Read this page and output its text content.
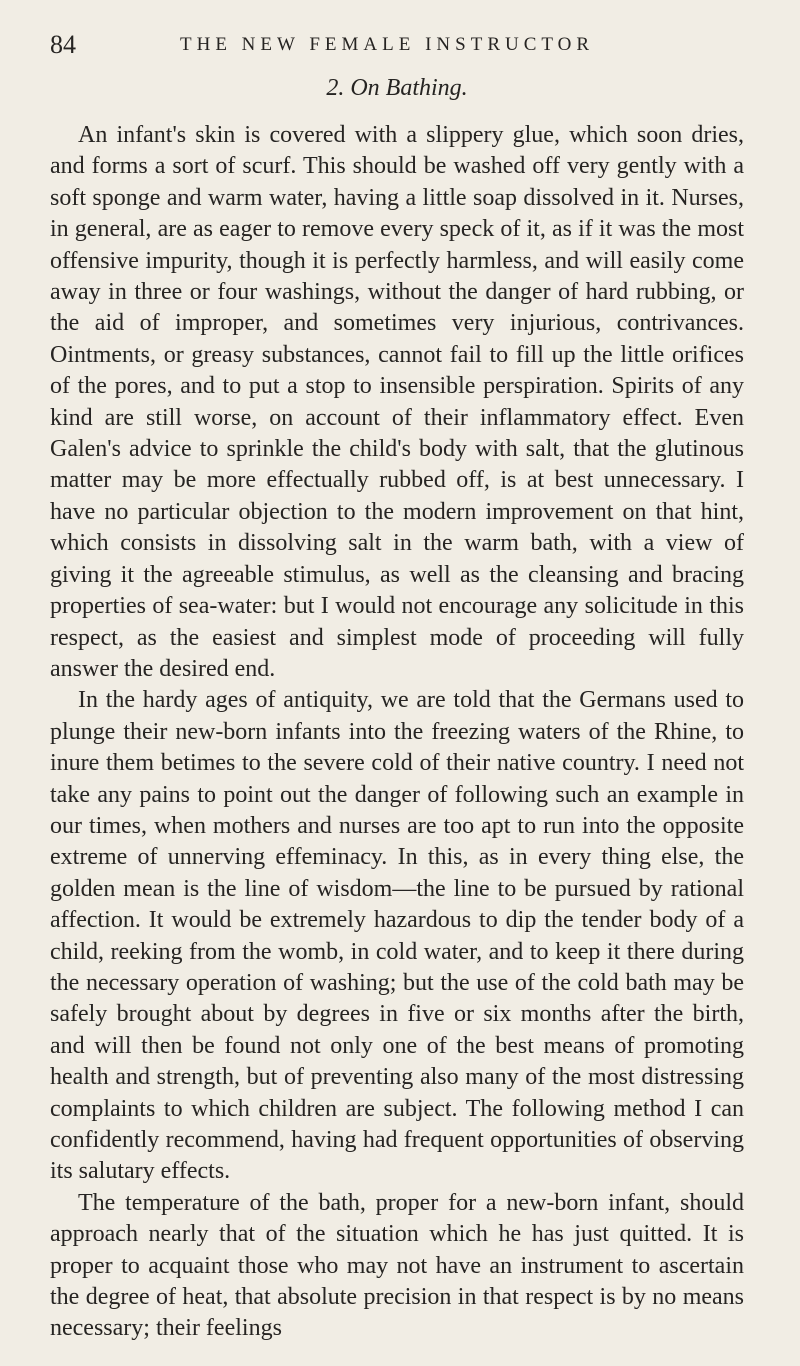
84	THE NEW FEMALE INSTRUCTOR
2. On Bathing.

An infant's skin is covered with a slippery glue, which soon dries, and forms a sort of scurf. This should be washed off very gently with a soft sponge and warm water, having a little soap dissolved in it. Nurses, in general, are as eager to remove every speck of it, as if it was the most offensive impurity, though it is perfectly harmless, and will easily come away in three or four washings, without the danger of hard rubbing, or the aid of improper, and sometimes very injurious, contrivances. Ointments, or greasy substances, cannot fail to fill up the little orifices of the pores, and to put a stop to insensible perspiration. Spirits of any kind are still worse, on account of their inflammatory effect. Even Galen's advice to sprinkle the child's body with salt, that the glutinous matter may be more effectually rubbed off, is at best unnecessary. I have no particular objection to the modern improvement on that hint, which consists in dissolving salt in the warm bath, with a view of giving it the agreeable stimulus, as well as the cleansing and bracing properties of sea-water: but I would not encourage any solicitude in this respect, as the easiest and simplest mode of proceeding will fully answer the desired end.

In the hardy ages of antiquity, we are told that the Germans used to plunge their new-born infants into the freezing waters of the Rhine, to inure them betimes to the severe cold of their native country. I need not take any pains to point out the danger of following such an example in our times, when mothers and nurses are too apt to run into the opposite extreme of unnerving effeminacy. In this, as in every thing else, the golden mean is the line of wisdom—the line to be pursued by rational affection. It would be extremely hazardous to dip the tender body of a child, reeking from the womb, in cold water, and to keep it there during the necessary operation of washing; but the use of the cold bath may be safely brought about by degrees in five or six months after the birth, and will then be found not only one of the best means of promoting health and strength, but of preventing also many of the most distressing complaints to which children are subject. The following method I can confidently recommend, having had frequent opportunities of observing its salutary effects.

The temperature of the bath, proper for a new-born infant, should approach nearly that of the situation which he has just quitted. It is proper to acquaint those who may not have an instrument to ascertain the degree of heat, that absolute precision in that respect is by no means necessary; their feelings
